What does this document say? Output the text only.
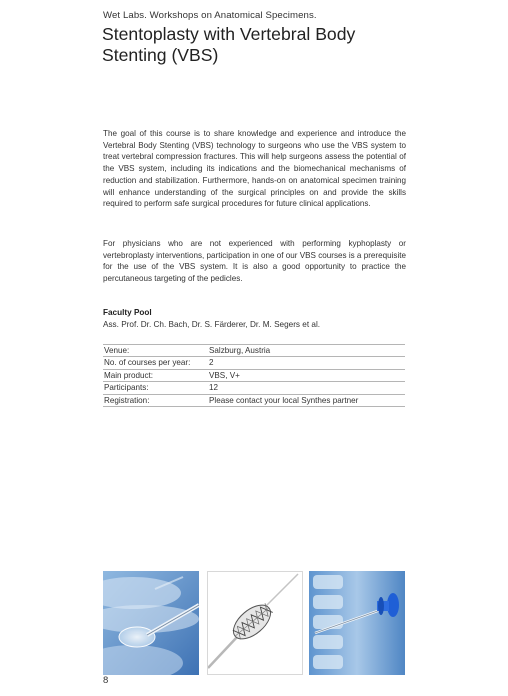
Wet Labs. Workshops on Anatomical Specimens.
Stentoplasty with Vertebral Body Stenting (VBS)

The goal of this course is to share knowledge and experience and introduce the Vertebral Body Stenting (VBS) technology to surgeons who use the VBS system to treat vertebral compression fractures. This will help surgeons assess the potential of the VBS system, including its indications and the biomechanical mechanisms of reduction and stabilization. Furthermore, hands-on on anatomical specimen training will enhance understanding of the surgical principles on and provide the skills required to perform safe surgical procedures for future clinical applications.

For physicians who are not experienced with performing kyphoplasty or vertebroplasty interventions, participation in one of our VBS courses is a prerequisite for the use of the VBS system. It is also a good opportunity to practice the percutaneous targeting of the pedicles.

Faculty Pool
Ass. Prof. Dr. Ch. Bach, Dr. S. Färderer, Dr. M. Segers et al.
Venue:	Salzburg, Austria
No. of courses per year:	2
Main product:	VBS, V+
Participants:	12
Registration:	Please contact your local Synthes partner
8
